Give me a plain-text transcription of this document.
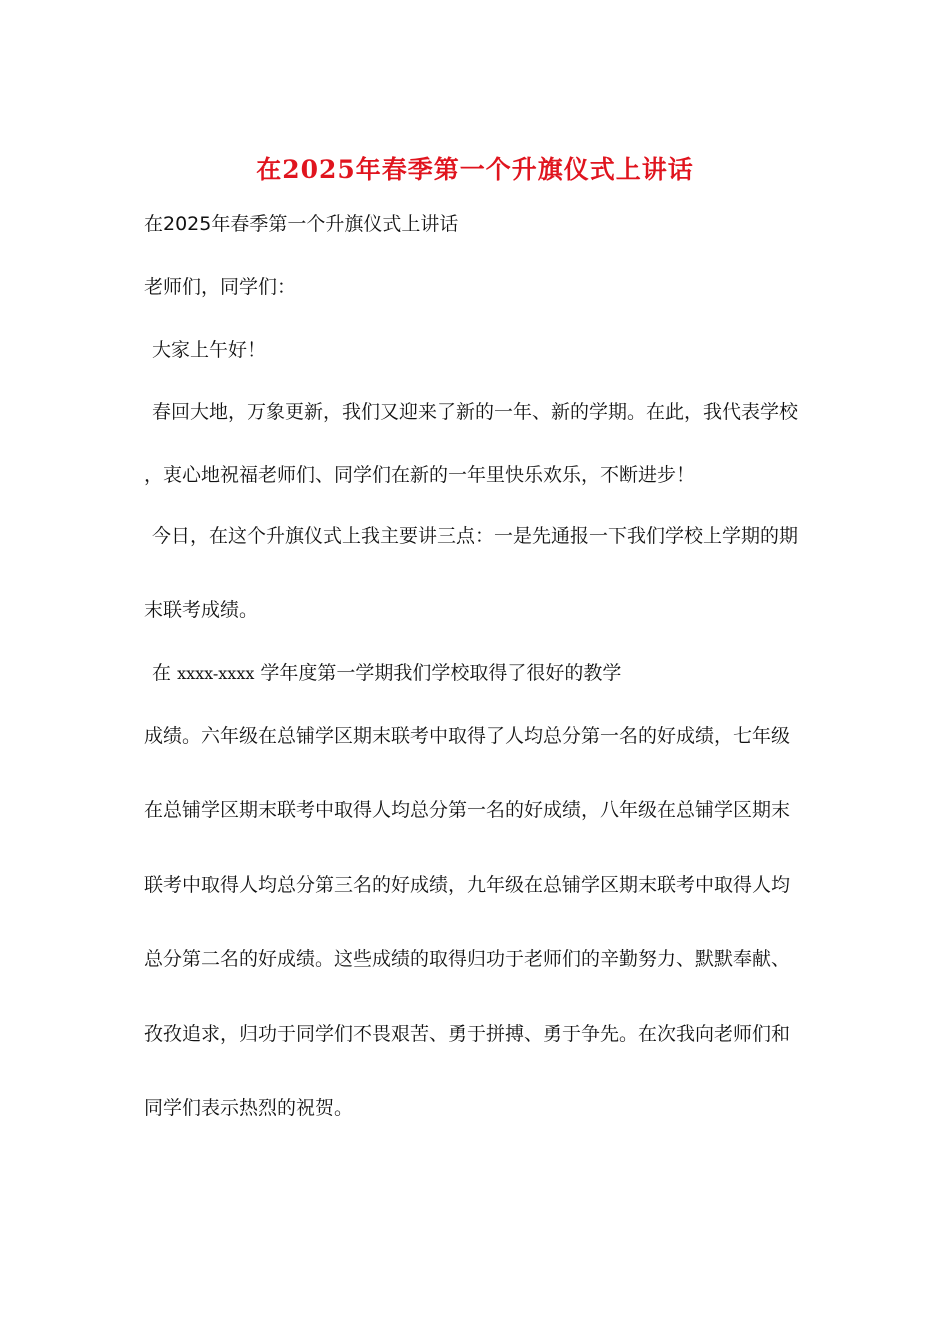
在2025年春季第一个升旗仪式上讲话
在2025年春季第一个升旗仪式上讲话
老师们，同学们：
大家上午好！
春回大地，万象更新，我们又迎来了新的一年、新的学期。在此，我代表学校
，衷心地祝福老师们、同学们在新的一年里快乐欢乐，不断进步！
今日，在这个升旗仪式上我主要讲三点：一是先通报一下我们学校上学期的期
末联考成绩。
在 xxxx-xxxx 学年度第一学期我们学校取得了很好的教学
成绩。六年级在总铺学区期末联考中取得了人均总分第一名的好成绩，七年级
在总铺学区期末联考中取得人均总分第一名的好成绩，八年级在总铺学区期末
联考中取得人均总分第三名的好成绩，九年级在总铺学区期末联考中取得人均
总分第二名的好成绩。这些成绩的取得归功于老师们的辛勤努力、默默奉献、
孜孜追求，归功于同学们不畏艰苦、勇于拼搏、勇于争先。在次我向老师们和
同学们表示热烈的祝贺。
